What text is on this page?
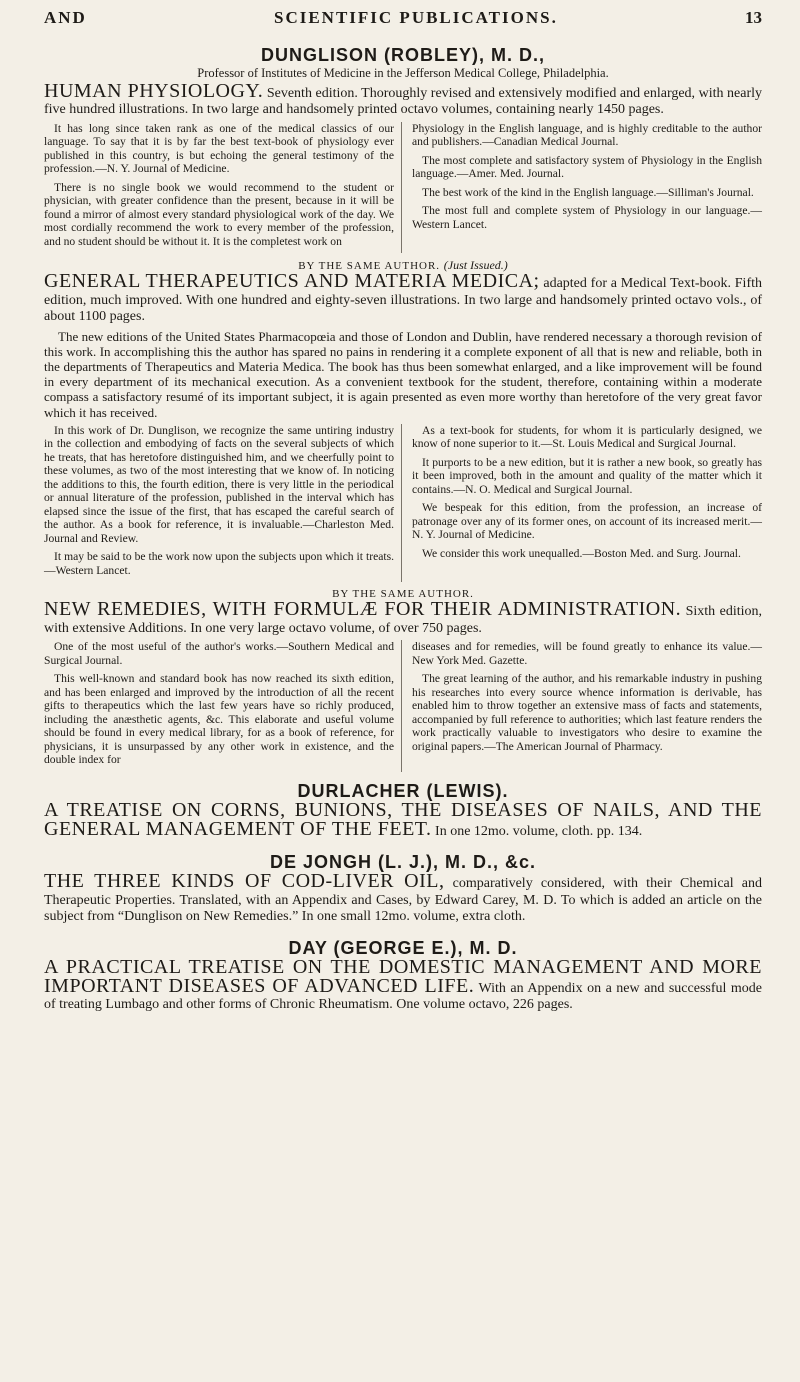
AND	SCIENTIFIC PUBLICATIONS.	13

DUNGLISON (ROBLEY), M. D.,

Professor of Institutes of Medicine in the Jefferson Medical College, Philadelphia.

HUMAN PHYSIOLOGY. Seventh edition. Thoroughly revised and extensively modified and enlarged, with nearly five hundred illustrations. In two large and handsomely printed octavo volumes, containing nearly 1450 pages.

It has long since taken rank as one of the medical classics of our language. To say that it is by far the best text-book of physiology ever published in this country, is but echoing the general testimony of the profession.—N. Y. Journal of Medicine.

There is no single book we would recommend to the student or physician, with greater confidence than the present, because in it will be found a mirror of almost every standard physiological work of the day. We most cordially recommend the work to every member of the profession, and no student should be without it. It is the completest work on

Physiology in the English language, and is highly creditable to the author and publishers.—Canadian Medical Journal.

The most complete and satisfactory system of Physiology in the English language.—Amer. Med. Journal.

The best work of the kind in the English language.—Silliman's Journal.

The most full and complete system of Physiology in our language.—Western Lancet.

BY THE SAME AUTHOR. (Just Issued.)

GENERAL THERAPEUTICS AND MATERIA MEDICA; adapted for a Medical Text-book. Fifth edition, much improved. With one hundred and eighty-seven illustrations. In two large and handsomely printed octavo vols., of about 1100 pages.

The new editions of the United States Pharmacopœia and those of London and Dublin, have rendered necessary a thorough revision of this work. In accomplishing this the author has spared no pains in rendering it a complete exponent of all that is new and reliable, both in the departments of Therapeutics and Materia Medica. The book has thus been somewhat enlarged, and a like improvement will be found in every department of its mechanical execution. As a convenient textbook for the student, therefore, containing within a moderate compass a satisfactory resumé of its important subject, it is again presented as even more worthy than heretofore of the very great favor which it has received.

In this work of Dr. Dunglison, we recognize the same untiring industry in the collection and embodying of facts on the several subjects of which he treats, that has heretofore distinguished him, and we cheerfully point to these volumes, as two of the most interesting that we know of. In noticing the additions to this, the fourth edition, there is very little in the periodical or annual literature of the profession, published in the interval which has elapsed since the issue of the first, that has escaped the careful search of the author. As a book for reference, it is invaluable.—Charleston Med. Journal and Review.

It may be said to be the work now upon the subjects upon which it treats.—Western Lancet.

As a text-book for students, for whom it is particularly designed, we know of none superior to it.—St. Louis Medical and Surgical Journal.

It purports to be a new edition, but it is rather a new book, so greatly has it been improved, both in the amount and quality of the matter which it contains.—N. O. Medical and Surgical Journal.

We bespeak for this edition, from the profession, an increase of patronage over any of its former ones, on account of its increased merit.—N. Y. Journal of Medicine.

We consider this work unequalled.—Boston Med. and Surg. Journal.

BY THE SAME AUTHOR.

NEW REMEDIES, WITH FORMULÆ FOR THEIR ADMINISTRATION. Sixth edition, with extensive Additions. In one very large octavo volume, of over 750 pages.

One of the most useful of the author's works.—Southern Medical and Surgical Journal.

This well-known and standard book has now reached its sixth edition, and has been enlarged and improved by the introduction of all the recent gifts to therapeutics which the last few years have so richly produced, including the anæsthetic agents, &c. This elaborate and useful volume should be found in every medical library, for as a book of reference, for physicians, it is unsurpassed by any other work in existence, and the double index for

diseases and for remedies, will be found greatly to enhance its value.—New York Med. Gazette.

The great learning of the author, and his remarkable industry in pushing his researches into every source whence information is derivable, has enabled him to throw together an extensive mass of facts and statements, accompanied by full reference to authorities; which last feature renders the work practically valuable to investigators who desire to examine the original papers.—The American Journal of Pharmacy.

DURLACHER (LEWIS).

A TREATISE ON CORNS, BUNIONS, THE DISEASES OF NAILS, AND THE GENERAL MANAGEMENT OF THE FEET. In one 12mo. volume, cloth. pp. 134.

DE JONGH (L. J.), M. D., &c.

THE THREE KINDS OF COD-LIVER OIL, comparatively considered, with their Chemical and Therapeutic Properties. Translated, with an Appendix and Cases, by Edward Carey, M. D. To which is added an article on the subject from “Dunglison on New Remedies.” In one small 12mo. volume, extra cloth.

DAY (GEORGE E.), M. D.

A PRACTICAL TREATISE ON THE DOMESTIC MANAGEMENT AND MORE IMPORTANT DISEASES OF ADVANCED LIFE. With an Appendix on a new and successful mode of treating Lumbago and other forms of Chronic Rheumatism. One volume octavo, 226 pages.
